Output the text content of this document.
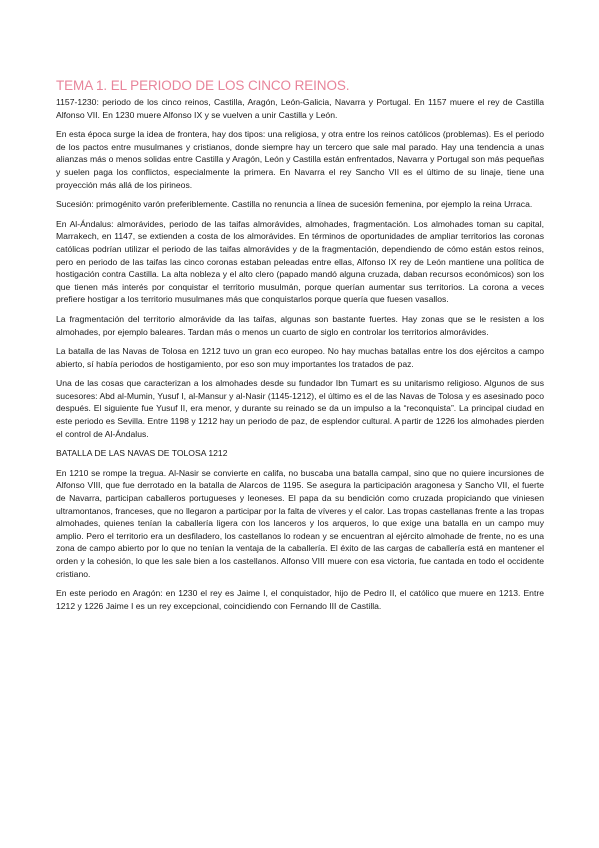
TEMA 1. EL PERIODO DE LOS CINCO REINOS.

1157-1230: periodo de los cinco reinos, Castilla, Aragón, León-Galicia, Navarra y Portugal. En 1157 muere el rey de Castilla Alfonso VII. En 1230 muere Alfonso IX y se vuelven a unir Castilla y León.

En esta época surge la idea de frontera, hay dos tipos: una religiosa, y otra entre los reinos católicos (problemas). Es el periodo de los pactos entre musulmanes y cristianos, donde siempre hay un tercero que sale mal parado. Hay una tendencia a unas alianzas más o menos solidas entre Castilla y Aragón, León y Castilla están enfrentados, Navarra y Portugal son más pequeñas y suelen paga los conflictos, especialmente la primera. En Navarra el rey Sancho VII es el último de su linaje, tiene una proyección más allá de los pirineos.

Sucesión: primogénito varón preferiblemente. Castilla no renuncia a línea de sucesión femenina, por ejemplo la reina Urraca.

En Al-Ándalus: almorávides, periodo de las taifas almorávides, almohades, fragmentación. Los almohades toman su capital, Marrakech, en 1147, se extienden a costa de los almorávides. En términos de oportunidades de ampliar territorios las coronas católicas podrían utilizar el periodo de las taifas almorávides y de la fragmentación, dependiendo de cómo están estos reinos, pero en periodo de las taifas las cinco coronas estaban peleadas entre ellas, Alfonso IX rey de León mantiene una política de hostigación contra Castilla. La alta nobleza y el alto clero (papado mandó alguna cruzada, daban recursos económicos) son los que tienen más interés por conquistar el territorio musulmán, porque querían aumentar sus territorios. La corona a veces prefiere hostigar a los territorio musulmanes más que conquistarlos porque quería que fuesen vasallos.

La fragmentación del territorio almorávide da las taifas, algunas son bastante fuertes. Hay zonas que se le resisten a los almohades, por ejemplo baleares. Tardan más o menos un cuarto de siglo en controlar los territorios almorávides.

La batalla de las Navas de Tolosa en 1212 tuvo un gran eco europeo. No hay muchas batallas entre los dos ejércitos a campo abierto, sí había periodos de hostigamiento, por eso son muy importantes los tratados de paz.

Una de las cosas que caracterizan a los almohades desde su fundador Ibn Tumart es su unitarismo religioso. Algunos de sus sucesores: Abd al-Mumin, Yusuf I, al-Mansur y al-Nasir (1145-1212), el último es el de las Navas de Tolosa y es asesinado poco después. El siguiente fue Yusuf II, era menor, y durante su reinado se da un impulso a la “reconquista”. La principal ciudad en este periodo es Sevilla. Entre 1198 y 1212 hay un periodo de paz, de esplendor cultural. A partir de 1226 los almohades pierden el control de Al-Ándalus.

BATALLA DE LAS NAVAS DE TOLOSA 1212

En 1210 se rompe la tregua. Al-Nasir se convierte en califa, no buscaba una batalla campal, sino que no quiere incursiones de Alfonso VIII, que fue derrotado en la batalla de Alarcos de 1195. Se asegura la participación aragonesa y Sancho VII, el fuerte de Navarra, participan caballeros portugueses y leoneses. El papa da su bendición como cruzada propiciando que viniesen ultramontanos, franceses, que no llegaron a participar por la falta de víveres y el calor. Las tropas castellanas frente a las tropas almohades, quienes tenían la caballería ligera con los lanceros y los arqueros, lo que exige una batalla en un campo muy amplio. Pero el territorio era un desfiladero, los castellanos lo rodean y se encuentran al ejército almohade de frente, no es una zona de campo abierto por lo que no tenían la ventaja de la caballería. El éxito de las cargas de caballería está en mantener el orden y la cohesión, lo que les sale bien a los castellanos. Alfonso VIII muere con esa victoria, fue cantada en todo el occidente cristiano.

En este periodo en Aragón: en 1230 el rey es Jaime I, el conquistador, hijo de Pedro II, el católico que muere en 1213. Entre 1212 y 1226 Jaime I es un rey excepcional, coincidiendo con Fernando III de Castilla.
